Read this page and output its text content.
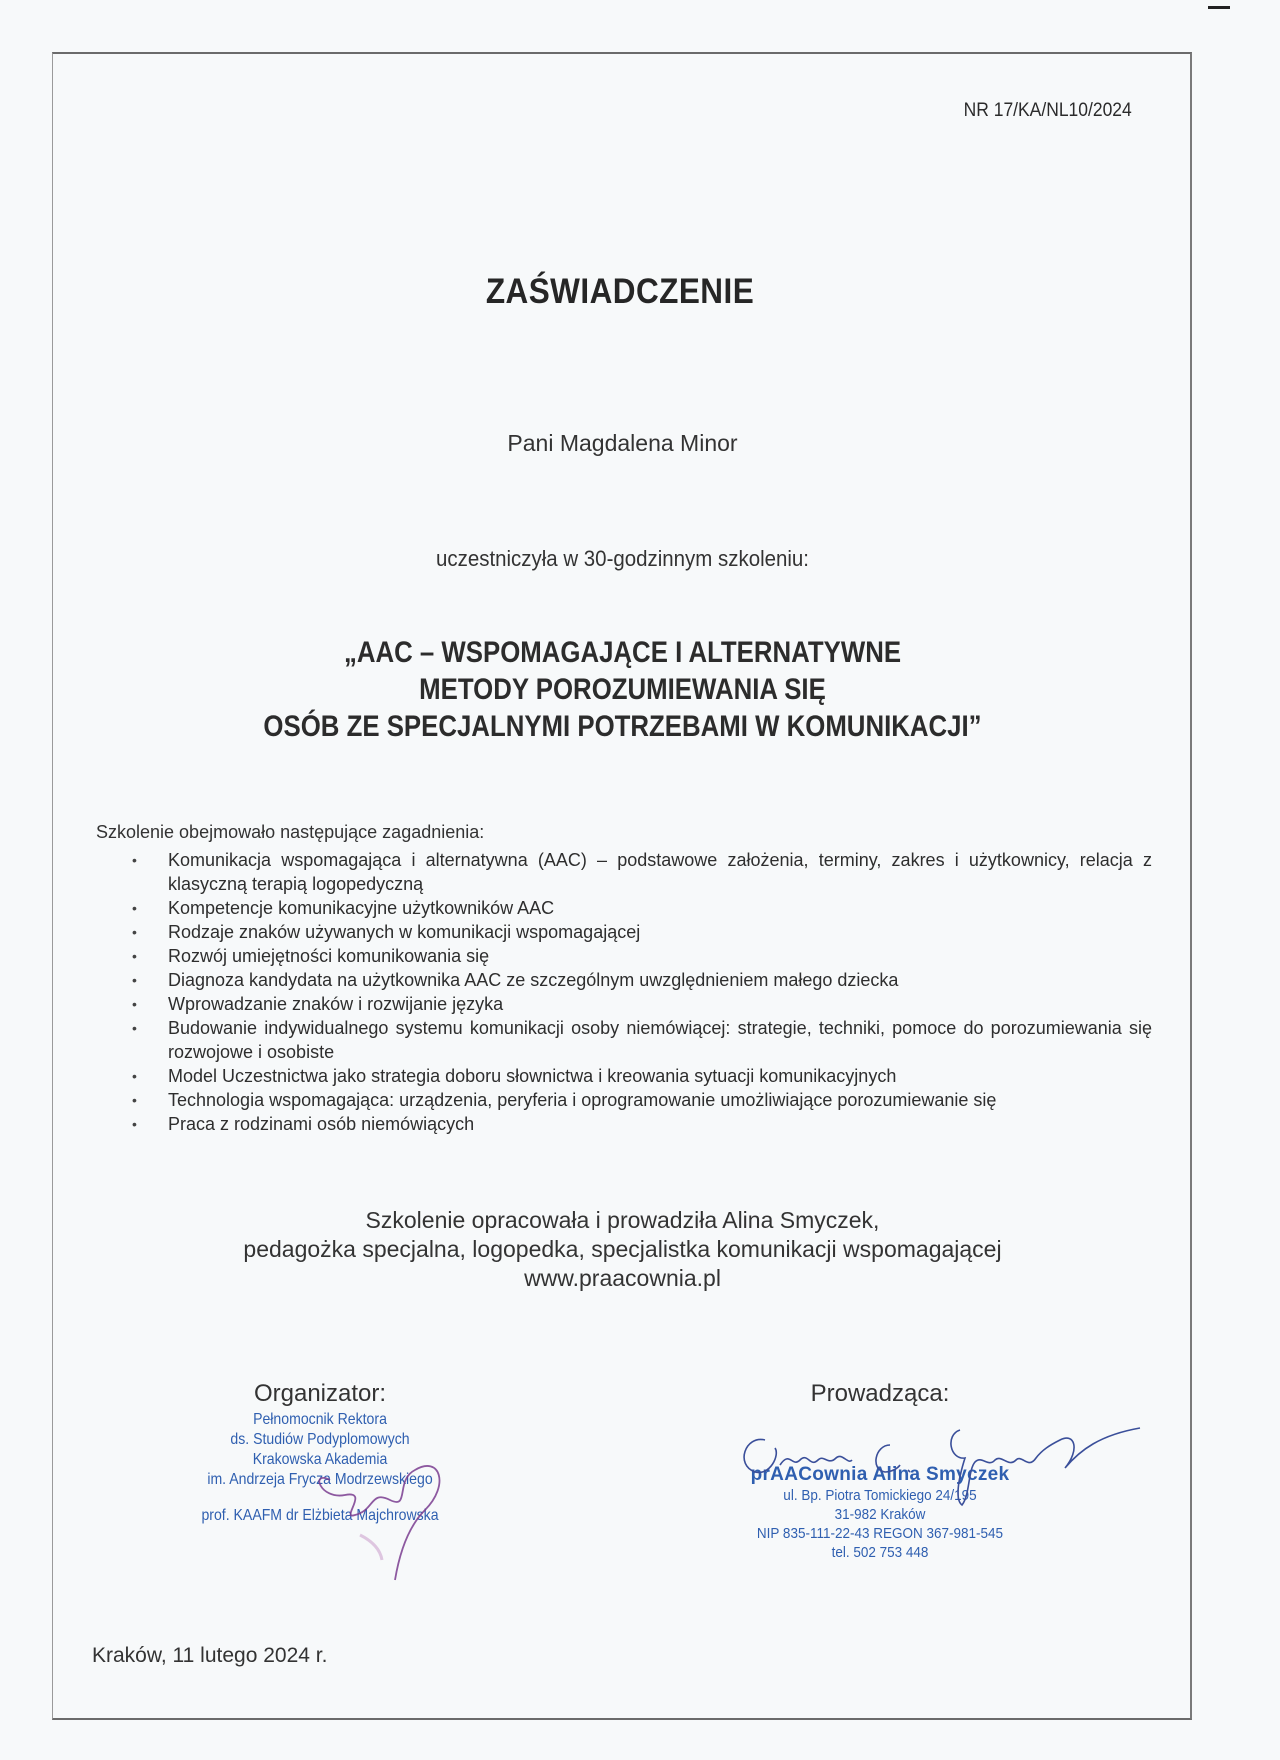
NR 17/KA/NL10/2024
ZAŚWIADCZENIE
Pani Magdalena Minor
uczestniczyła w 30-godzinnym szkoleniu:
„AAC – WSPOMAGAJĄCE I ALTERNATYWNE
METODY POROZUMIEWANIA SIĘ
OSÓB ZE SPECJALNYMI POTRZEBAMI W KOMUNIKACJI”
Szkolenie obejmowało następujące zagadnienia:
• Komunikacja wspomagająca i alternatywna (AAC) – podstawowe założenia, terminy, zakres i użytkownicy, relacja z klasyczną terapią logopedyczną
• Kompetencje komunikacyjne użytkowników AAC
• Rodzaje znaków używanych w komunikacji wspomagającej
• Rozwój umiejętności komunikowania się
• Diagnoza kandydata na użytkownika AAC ze szczególnym uwzględnieniem małego dziecka
• Wprowadzanie znaków i rozwijanie języka
• Budowanie indywidualnego systemu komunikacji osoby niemówiącej: strategie, techniki, pomoce do porozumiewania się rozwojowe i osobiste
• Model Uczestnictwa jako strategia doboru słownictwa i kreowania sytuacji komunikacyjnych
• Technologia wspomagająca: urządzenia, peryferia i oprogramowanie umożliwiające porozumiewanie się
• Praca z rodzinami osób niemówiących
Szkolenie opracowała i prowadziła Alina Smyczek,
pedagożka specjalna, logopedka, specjalistka komunikacji wspomagającej
www.praacownia.pl
Organizator:
Pełnomocnik Rektora
ds. Studiów Podyplomowych
Krakowska Akademia
im. Andrzeja Frycza Modrzewskiego
prof. KAAFM dr Elżbieta Majchrowska
Prowadząca:
prAACownia Alina Smyczek
ul. Bp. Piotra Tomickiego 24/195
31-982 Kraków
NIP 835-111-22-43 REGON 367-981-545
tel. 502 753 448
Kraków, 11 lutego 2024 r.
